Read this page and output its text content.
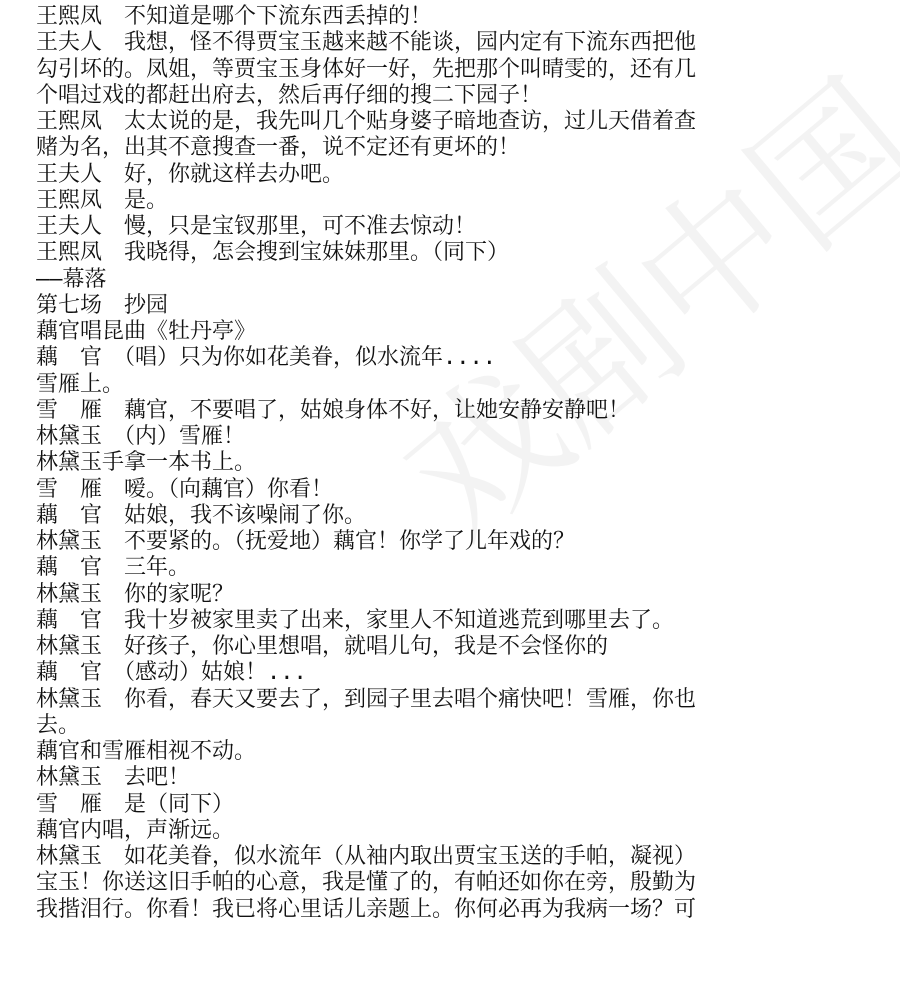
王熙凤　不知道是哪个下流东西丢掉的！
王夫人　我想，怪不得贾宝玉越来越不能谈，园内定有下流东西把他
勾引坏的。凤姐，等贾宝玉身体好一好，先把那个叫晴雯的，还有几
个唱过戏的都赶出府去，然后再仔细的搜二下园子！
王熙凤　太太说的是，我先叫几个贴身婆子暗地查访，过儿天借着查
赌为名，出其不意搜查一番，说不定还有更坏的！
王夫人　好，你就这样去办吧。
王熙凤　是。
王夫人　慢，只是宝钗那里，可不准去惊动！
王熙凤　我晓得，怎会搜到宝妹妹那里。（同下）
——幕落
第七场　抄园
藕官唱昆曲《牡丹亭》
藕　官　（唱）只为你如花美眷，似水流年....
雪雁上。
雪　雁　藕官，不要唱了，姑娘身体不好，让她安静安静吧！
林黛玉　（内）雪雁！
林黛玉手拿一本书上。
雪　雁　嗳。（向藕官）你看！
藕　官　姑娘，我不该噪闹了你。
林黛玉　不要紧的。（抚爱地）藕官！你学了儿年戏的？
藕　官　三年。
林黛玉　你的家呢？
藕　官　我十岁被家里卖了出来，家里人不知道逃荒到哪里去了。
林黛玉　好孩子，你心里想唱，就唱儿句，我是不会怪你的
藕　官　（感动）姑娘！...
林黛玉　你看，春天又要去了，到园子里去唱个痛快吧！雪雁，你也
去。
藕官和雪雁相视不动。
林黛玉　去吧！
雪　雁　是（同下）
藕官内唱，声渐远。
林黛玉　如花美眷，似水流年（从袖内取出贾宝玉送的手帕，凝视）
宝玉！你送这旧手帕的心意，我是懂了的，有帕还如你在旁，殷勤为
我揩泪行。你看！我已将心里话儿亲题上。你何必再为我病一场？可
